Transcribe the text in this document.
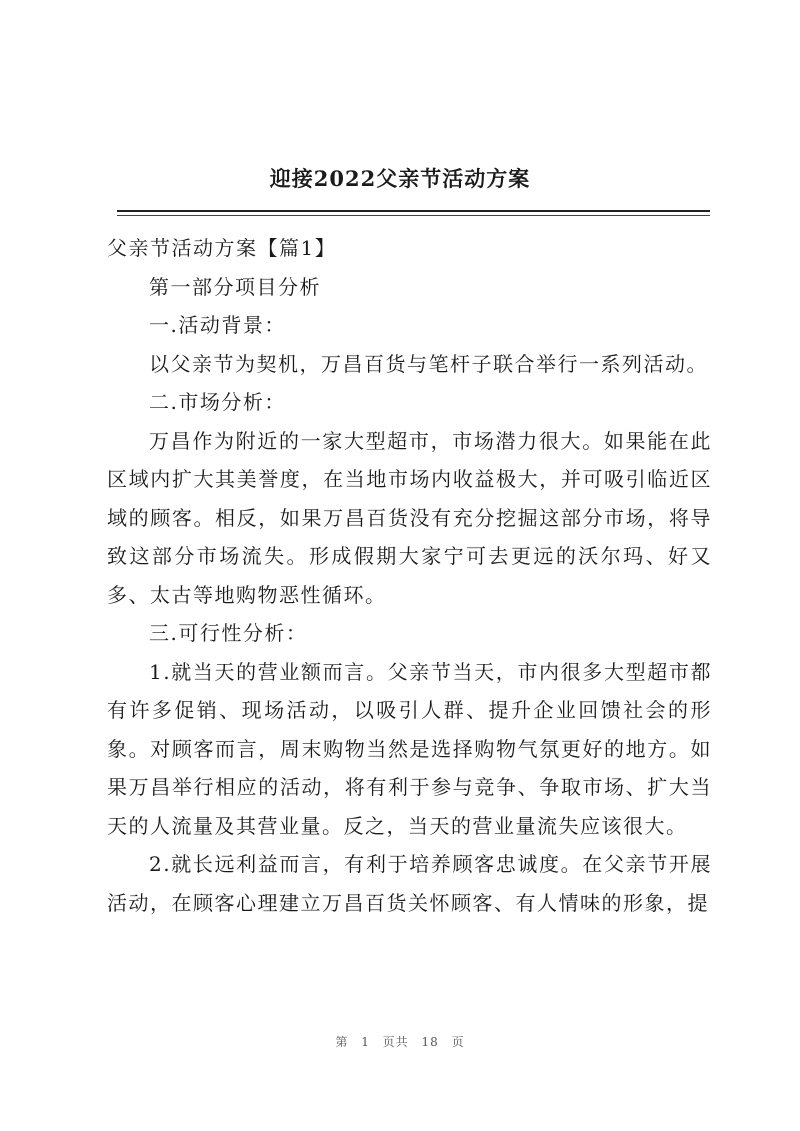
迎接2022父亲节活动方案

父亲节活动方案【篇1】

第一部分项目分析

一.活动背景：

以父亲节为契机，万昌百货与笔杆子联合举行一系列活动。

二.市场分析：

万昌作为附近的一家大型超市，市场潜力很大。如果能在此区域内扩大其美誉度，在当地市场内收益极大，并可吸引临近区域的顾客。相反，如果万昌百货没有充分挖掘这部分市场，将导致这部分市场流失。形成假期大家宁可去更远的沃尔玛、好又多、太古等地购物恶性循环。

三.可行性分析：

1.就当天的营业额而言。父亲节当天，市内很多大型超市都有许多促销、现场活动，以吸引人群、提升企业回馈社会的形象。对顾客而言，周末购物当然是选择购物气氛更好的地方。如果万昌举行相应的活动，将有利于参与竞争、争取市场、扩大当天的人流量及其营业量。反之，当天的营业量流失应该很大。

2.就长远利益而言，有利于培养顾客忠诚度。在父亲节开展活动，在顾客心理建立万昌百货关怀顾客、有人情味的形象，提

第 1 页共 18 页
